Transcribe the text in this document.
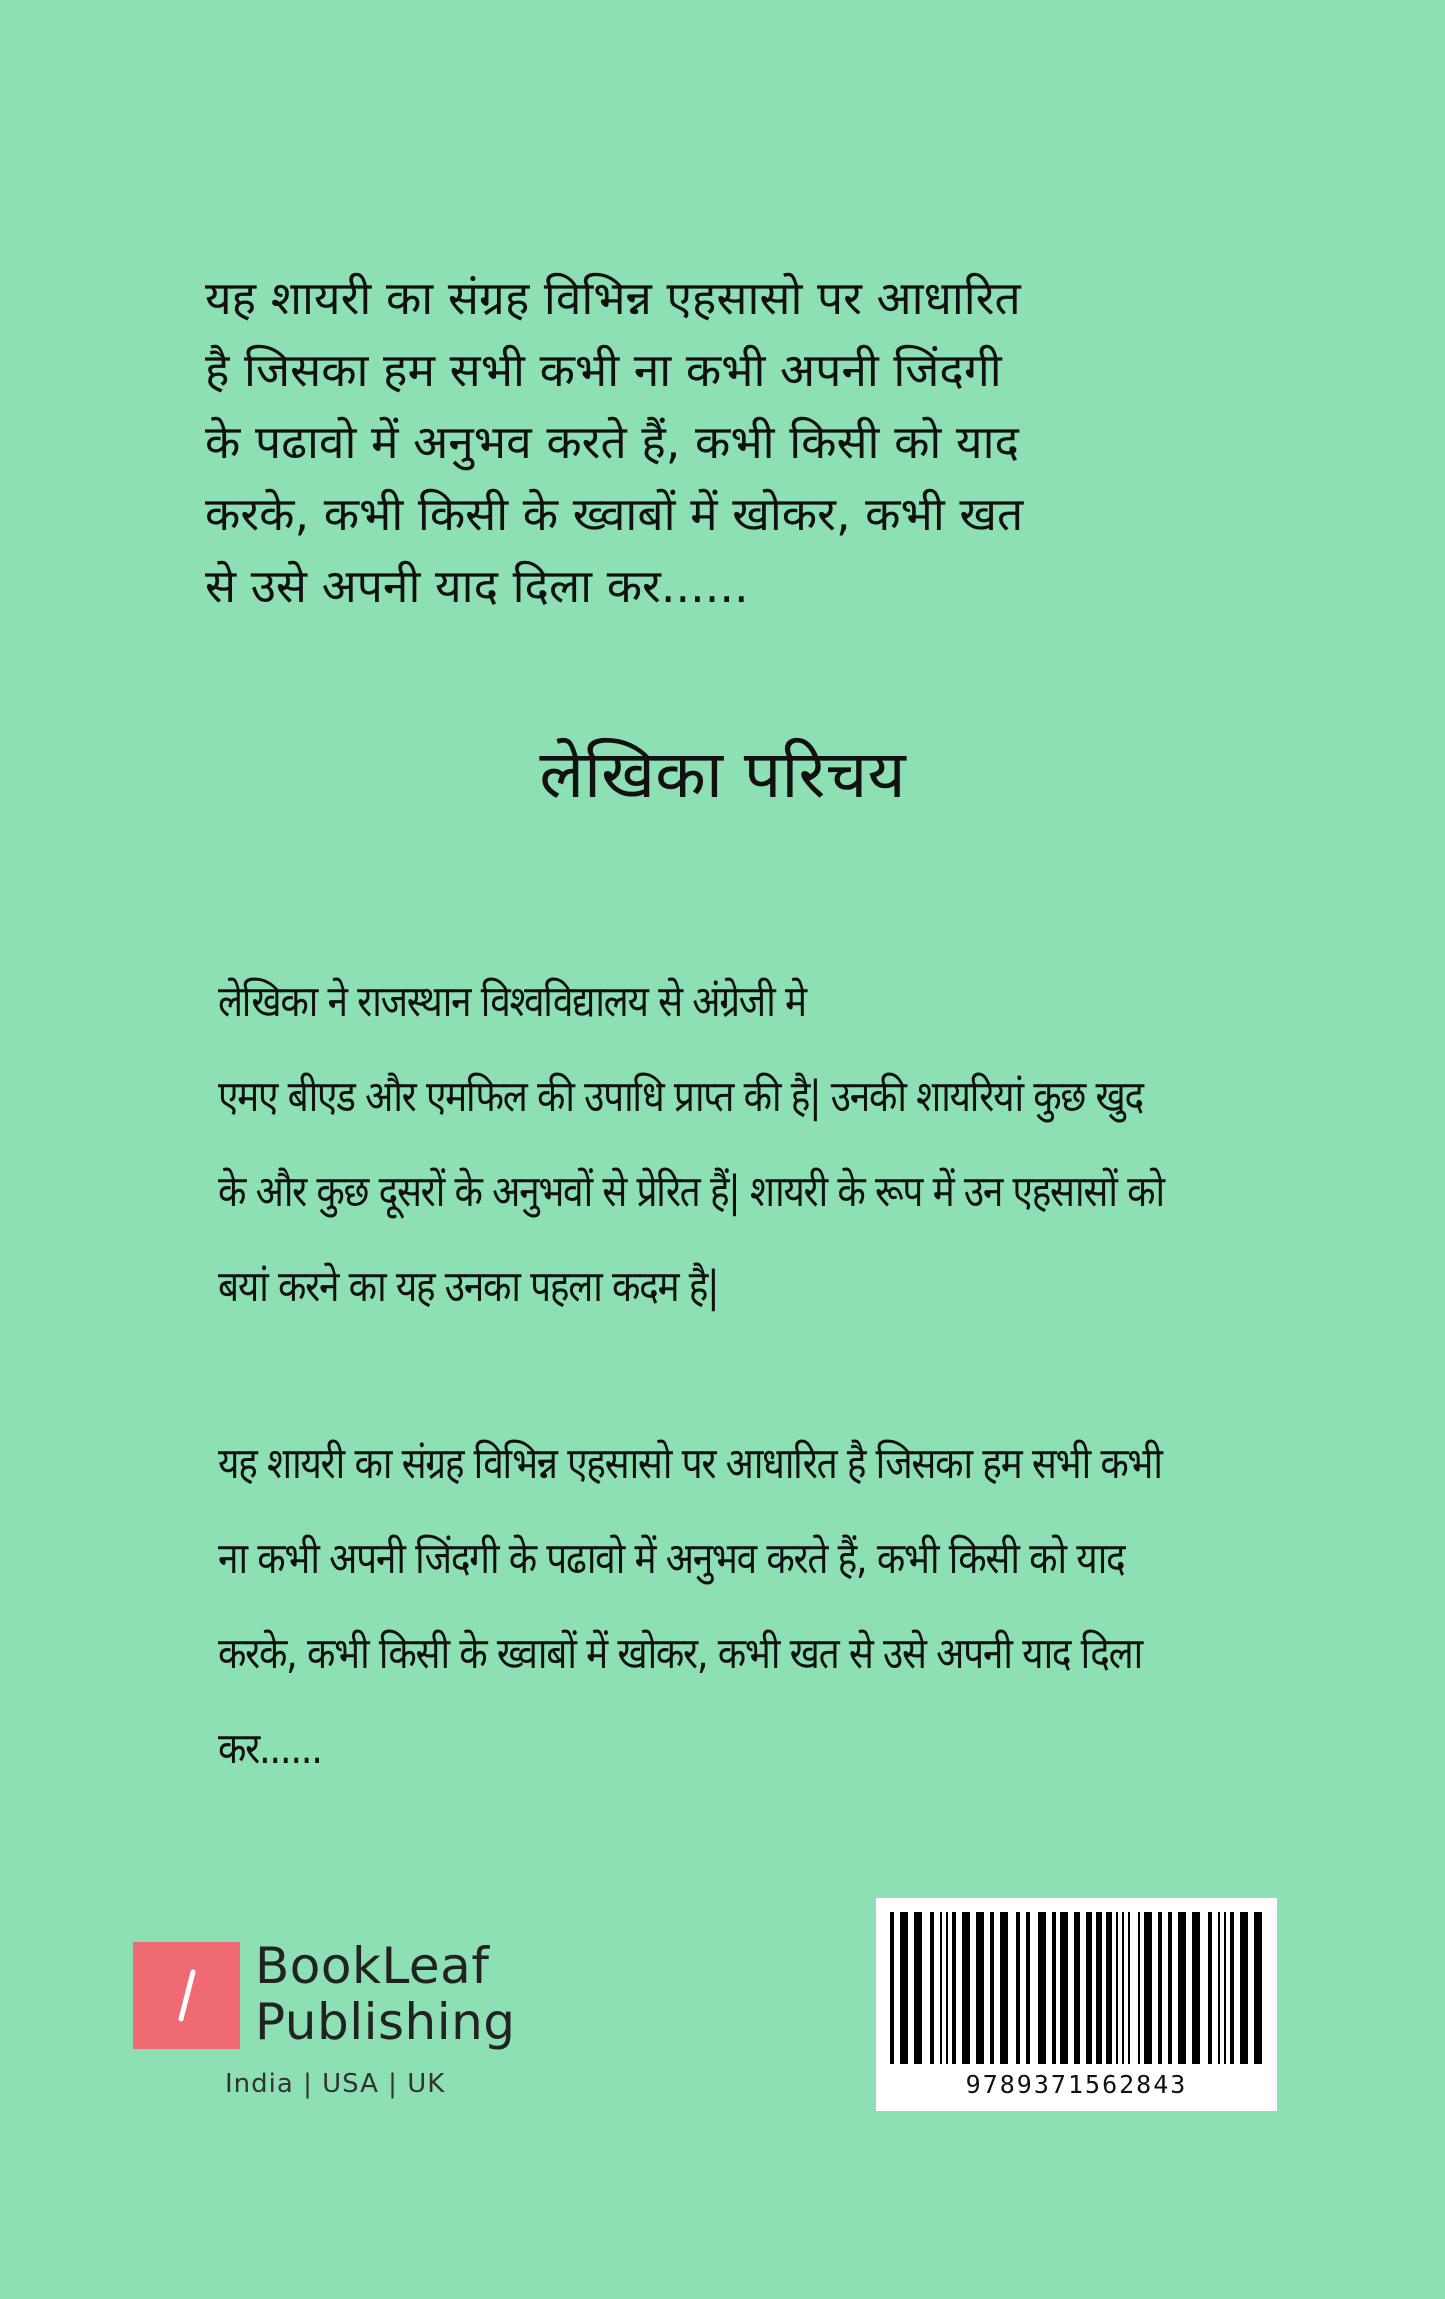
यह शायरी का संग्रह विभिन्न एहसासो पर आधारित
है जिसका हम सभी कभी ना कभी अपनी जिंदगी
के पढावो में अनुभव करते हैं, कभी किसी को याद
करके, कभी किसी के ख्वाबों में खोकर, कभी खत
से उसे अपनी याद दिला कर......
लेखिका परिचय
लेखिका ने राजस्थान विश्वविद्यालय से अंग्रेजी मे
एमए बीएड और एमफिल की उपाधि प्राप्त की है| उनकी शायरियां कुछ खुद
के और कुछ दूसरों के अनुभवों से प्रेरित हैं| शायरी के रूप में उन एहसासों को
बयां करने का यह उनका पहला कदम है|
यह शायरी का संग्रह विभिन्न एहसासो पर आधारित है जिसका हम सभी कभी
ना कभी अपनी जिंदगी के पढावो में अनुभव करते हैं, कभी किसी को याद
करके, कभी किसी के ख्वाबों में खोकर, कभी खत से उसे अपनी याद दिला
कर......
BookLeaf
Publishing
India | USA | UK	9789371562843
